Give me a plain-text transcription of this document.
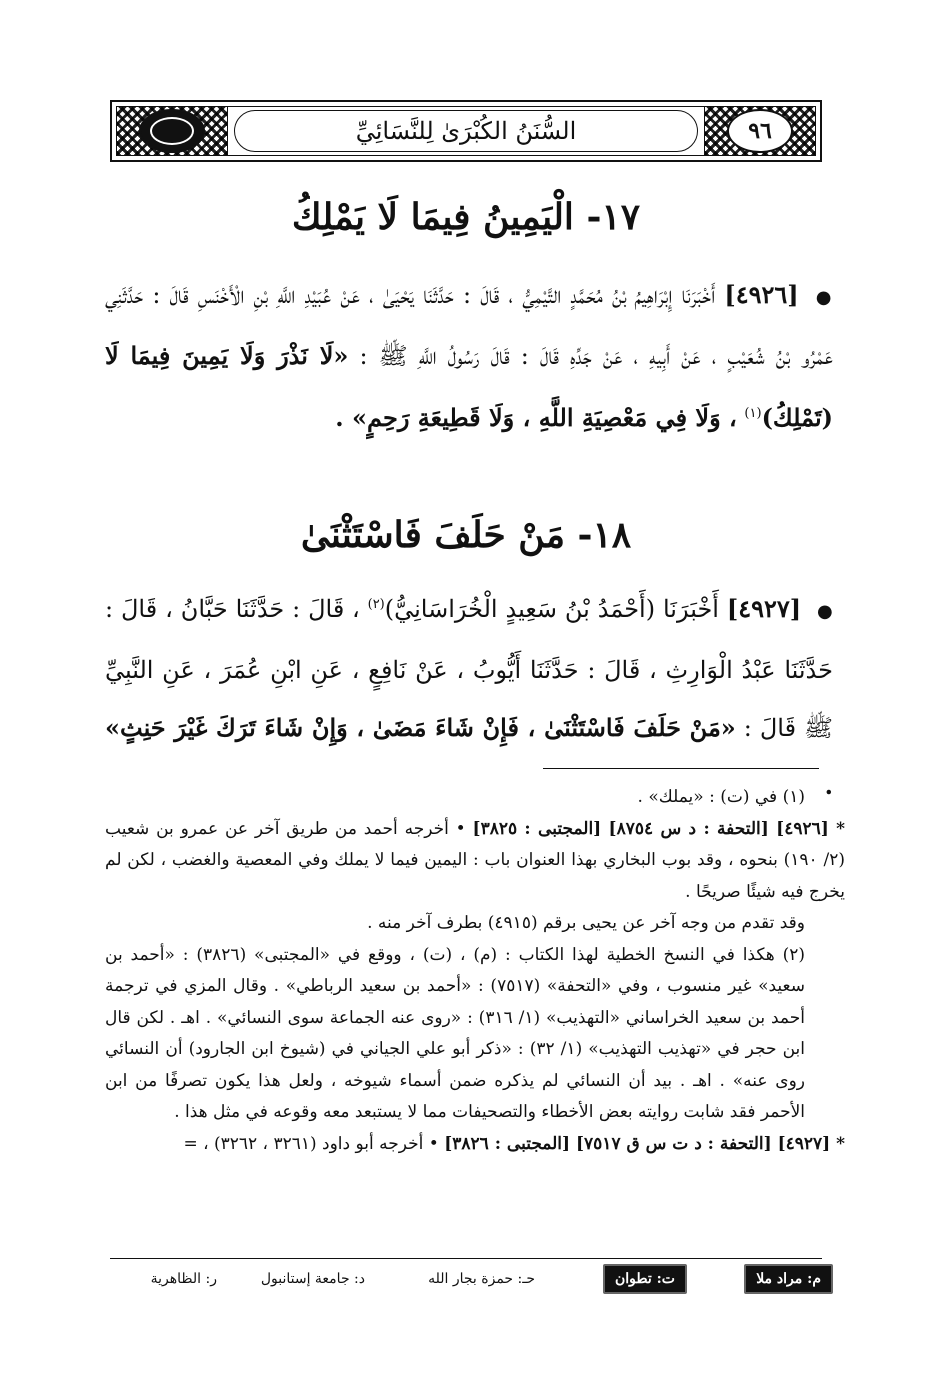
٩٦
السُّنَنُ الكُبْرَىٰ لِلنَّسَائِيِّ
١٧- الْيَمِينُ فِيمَا لَا يَمْلِكُ
● [٤٩٢٦] أَخْبَرَنَا إِبْرَاهِيمُ بْنُ مُحَمَّدٍ التَّيْمِيُّ ، قَالَ : حَدَّثَنَا يَحْيَىٰ ، عَنْ عُبَيْدِ اللَّهِ بْنِ الْأَخْنَسِ قَالَ : حَدَّثَنِي عَمْرُو بْنُ شُعَيْبٍ ، عَنْ أَبِيهِ ، عَنْ جَدِّهِ قَالَ : قَالَ رَسُولُ اللَّهِ ﷺ : «لَا نَذْرَ وَلَا يَمِينَ فِيمَا لَا (تَمْلِكُ)$^{(١)}$ ، وَلَا فِي مَعْصِيَةِ اللَّهِ ، وَلَا قَطِيعَةِ رَحِمٍ» .
١٨- مَنْ حَلَفَ فَاسْتَثْنَىٰ
● [٤٩٢٧] أَخْبَرَنَا (أَحْمَدُ بْنُ سَعِيدٍ الْخُرَاسَانِيُّ)$^{(٢)}$ ، قَالَ : حَدَّثَنَا حَبَّانُ ، قَالَ : حَدَّثَنَا عَبْدُ الْوَارِثِ ، قَالَ : حَدَّثَنَا أَيُّوبُ ، عَنْ نَافِعٍ ، عَنِ ابْنِ عُمَرَ ، عَنِ النَّبِيِّ ﷺ قَالَ : «مَنْ حَلَفَ فَاسْتَثْنَىٰ ، فَإِنْ شَاءَ مَضَىٰ ، وَإِنْ شَاءَ تَرَكَ غَيْرَ حَنِثٍ» .

(١) في (ت) : «يملك» .

* [٤٩٢٦] [التحفة : د س ٨٧٥٤] [المجتبى : ٣٨٢٥] • أخرجه أحمد من طريق آخر عن عمرو بن شعيب (٢/ ١٩٠) بنحوه ، وقد بوب البخاري بهذا العنوان باب : اليمين فيما لا يملك وفي المعصية والغضب ، لكن لم يخرج فيه شيئًا صريحًا .

وقد تقدم من وجه آخر عن يحيى برقم (٤٩١٥) بطرف آخر منه .

(٢) هكذا في النسخ الخطية لهذا الكتاب : (م) ، (ت) ، ووقع في «المجتبى» (٣٨٢٦) : «أحمد بن سعيد» غير منسوب ، وفي «التحفة» (٧٥١٧) : «أحمد بن سعيد الرباطي» . وقال المزي في ترجمة أحمد بن سعيد الخراساني «التهذيب» (١/ ٣١٦) : «روى عنه الجماعة سوى النسائي» . اهـ . لكن قال ابن حجر في «تهذيب التهذيب» (١/ ٣٢) : «ذكر أبو علي الجياني في (شيوخ ابن الجارود) أن النسائي روى عنه» . اهـ . بيد أن النسائي لم يذكره ضمن أسماء شيوخه ، ولعل هذا يكون تصرفًا من ابن الأحمر فقد شابت روايته بعض الأخطاء والتصحيفات مما لا يستبعد معه وقوعه في مثل هذا .

* [٤٩٢٧] [التحفة : د ت س ق ٧٥١٧] [المجتبى : ٣٨٢٦] • أخرجه أبو داود (٣٢٦١ ، ٣٢٦٢) ، =

م: مراد ملا
ت: تطوان
حـ: حمزة بجار الله
د: جامعة إستانبول
ر: الظاهرية
